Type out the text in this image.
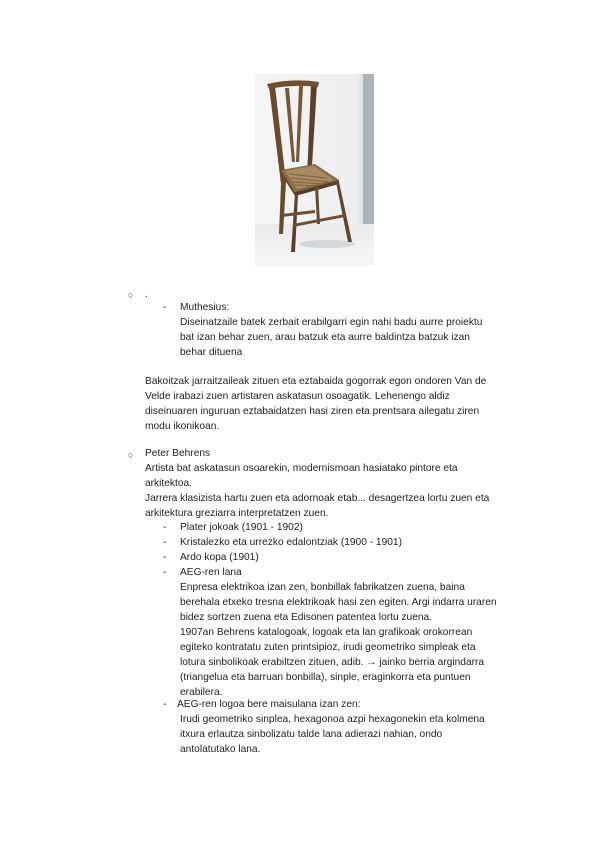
○ .
- Muthesius:
Diseinatzaile batek zerbait erabilgarri egin nahi badu aurre proiektu
bat izan behar zuen, arau batzuk eta aurre baldintza batzuk izan
behar dituena
Bakoitzak jarraitzaileak zituen eta eztabaida gogorrak egon ondoren Van de
Velde irabazi zuen artistaren askatasun osoagatik. Lehenengo aldiz
diseinuaren inguruan eztabaidatzen hasi ziren eta prentsara ailegatu ziren
modu ikonikoan.
○ Peter Behrens
Artista bat askatasun osoarekin, modernismoan hasiatako pintore eta
arkitektoa.
Jarrera klasizista hartu zuen eta adornoak etab... desagertzea lortu zuen eta
arkitektura greziarra interpretatzen zuen.
- Plater jokoak (1901 - 1902)
- Kristalezko eta urrezko edalontziak (1900 - 1901)
- Ardo kopa (1901)
- AEG-ren lana
Enpresa elektrikoa izan zen, bonbillak fabrikatzen zuena, baina
berehala etxeko tresna elektrikoak hasi zen egiten. Argi indarra uraren
bidez sortzen zuena eta Edisonen patentea lortu zuena.
1907an Behrens katalogoak, logoak eta lan grafikoak orokorrean
egiteko kontratatu zuten printsipioz, irudi geometriko simpleak eta
lotura sinbolikoak erabiltzen zituen, adib. → jainko berria argindarra
(triangelua eta barruan bonbilla), sinple, eraginkorra eta puntuen
erabilera.
- AEG-ren logoa bere maisulana izan zen:
Irudi geometriko sinplea, hexagonoa azpi hexagonekin eta kolmena
itxura erlautza sinbolizatu talde lana adierazi nahian, ondo
antolatutako lana.
